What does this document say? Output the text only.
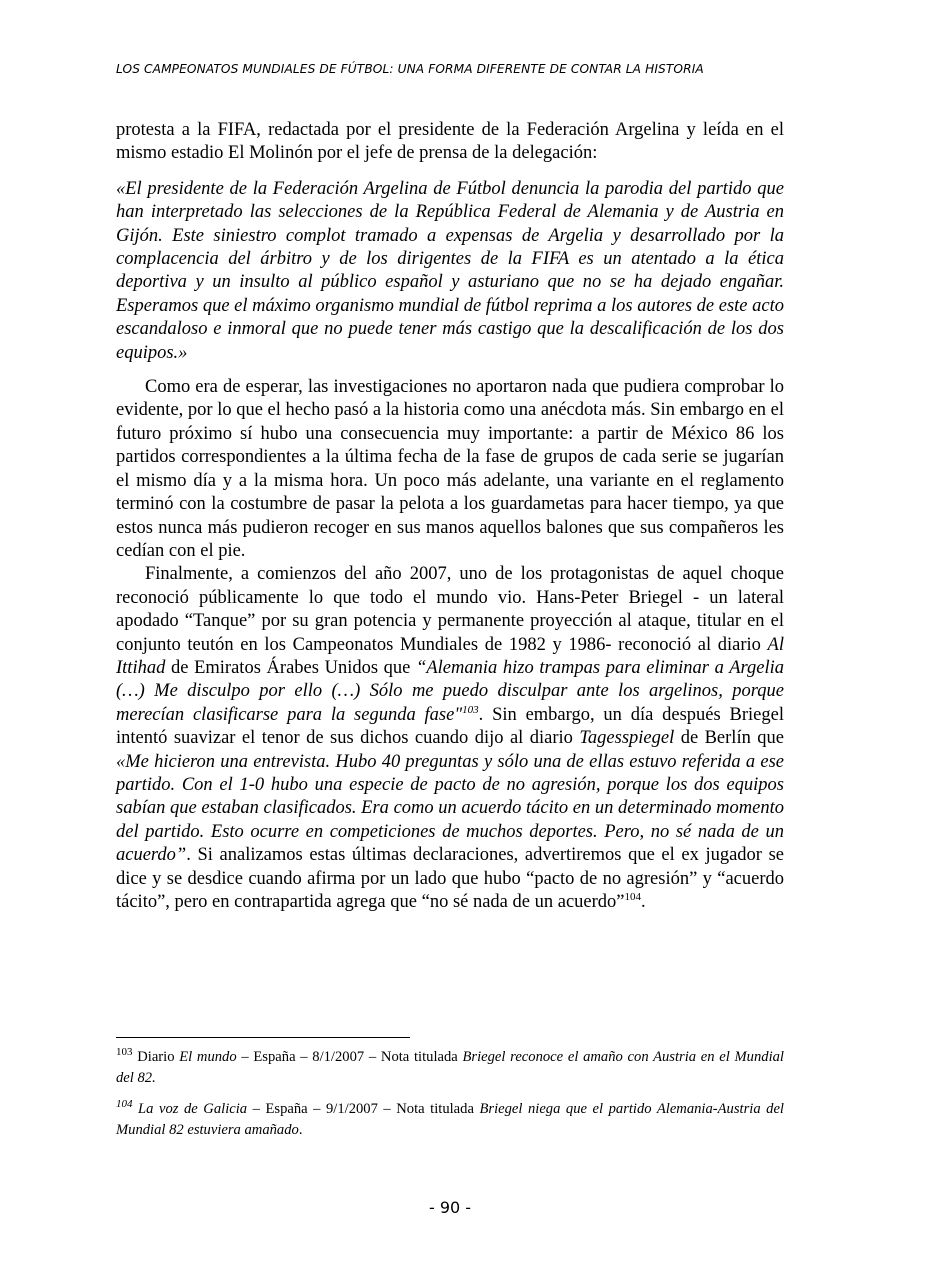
LOS CAMPEONATOS MUNDIALES DE FÚTBOL: UNA FORMA DIFERENTE DE CONTAR LA HISTORIA

protesta a la FIFA, redactada por el presidente de la Federación Argelina y leída en el mismo estadio El Molinón por el jefe de prensa de la delegación:

«El presidente de la Federación Argelina de Fútbol denuncia la parodia del partido que han interpretado las selecciones de la República Federal de Alemania y de Austria en Gijón. Este siniestro complot tramado a expensas de Argelia y desarrollado por la complacencia del árbitro y de los dirigentes de la FIFA es un atentado a la ética deportiva y un insulto al público español y asturiano que no se ha dejado engañar. Esperamos que el máximo organismo mundial de fútbol reprima a los autores de este acto escandaloso e inmoral que no puede tener más castigo que la descalificación de los dos equipos.»

Como era de esperar, las investigaciones no aportaron nada que pudiera comprobar lo evidente, por lo que el hecho pasó a la historia como una anécdota más. Sin embargo en el futuro próximo sí hubo una consecuencia muy importante: a partir de México 86 los partidos correspondientes a la última fecha de la fase de grupos de cada serie se jugarían el mismo día y a la misma hora. Un poco más adelante, una variante en el reglamento terminó con la costumbre de pasar la pelota a los guardametas para hacer tiempo, ya que estos nunca más pudieron recoger en sus manos aquellos balones que sus compañeros les cedían con el pie.

Finalmente, a comienzos del año 2007, uno de los protagonistas de aquel choque reconoció públicamente lo que todo el mundo vio. Hans-Peter Briegel - un lateral apodado “Tanque” por su gran potencia y permanente proyección al ataque, titular en el conjunto teutón en los Campeonatos Mundiales de 1982 y 1986- reconoció al diario Al Ittihad de Emiratos Árabes Unidos que “Alemania hizo trampas para eliminar a Argelia (…) Me disculpo por ello (…) Sólo me puedo disculpar ante los argelinos, porque merecían clasificarse para la segunda fase"$^{103}$. Sin embargo, un día después Briegel intentó suavizar el tenor de sus dichos cuando dijo al diario Tagesspiegel de Berlín que «Me hicieron una entrevista. Hubo 40 preguntas y sólo una de ellas estuvo referida a ese partido. Con el 1-0 hubo una especie de pacto de no agresión, porque los dos equipos sabían que estaban clasificados. Era como un acuerdo tácito en un determinado momento del partido. Esto ocurre en competiciones de muchos deportes. Pero, no sé nada de un acuerdo”. Si analizamos estas últimas declaraciones, advertiremos que el ex jugador se dice y se desdice cuando afirma por un lado que hubo “pacto de no agresión” y “acuerdo tácito”, pero en contrapartida agrega que “no sé nada de un acuerdo”$^{104}$.

$^{103}$ Diario El mundo – España – 8/1/2007 – Nota titulada Briegel reconoce el amaño con Austria en el Mundial del 82.

$^{104}$ La voz de Galicia – España – 9/1/2007 – Nota titulada Briegel niega que el partido Alemania-Austria del Mundial 82 estuviera amañado.

- 90 -
